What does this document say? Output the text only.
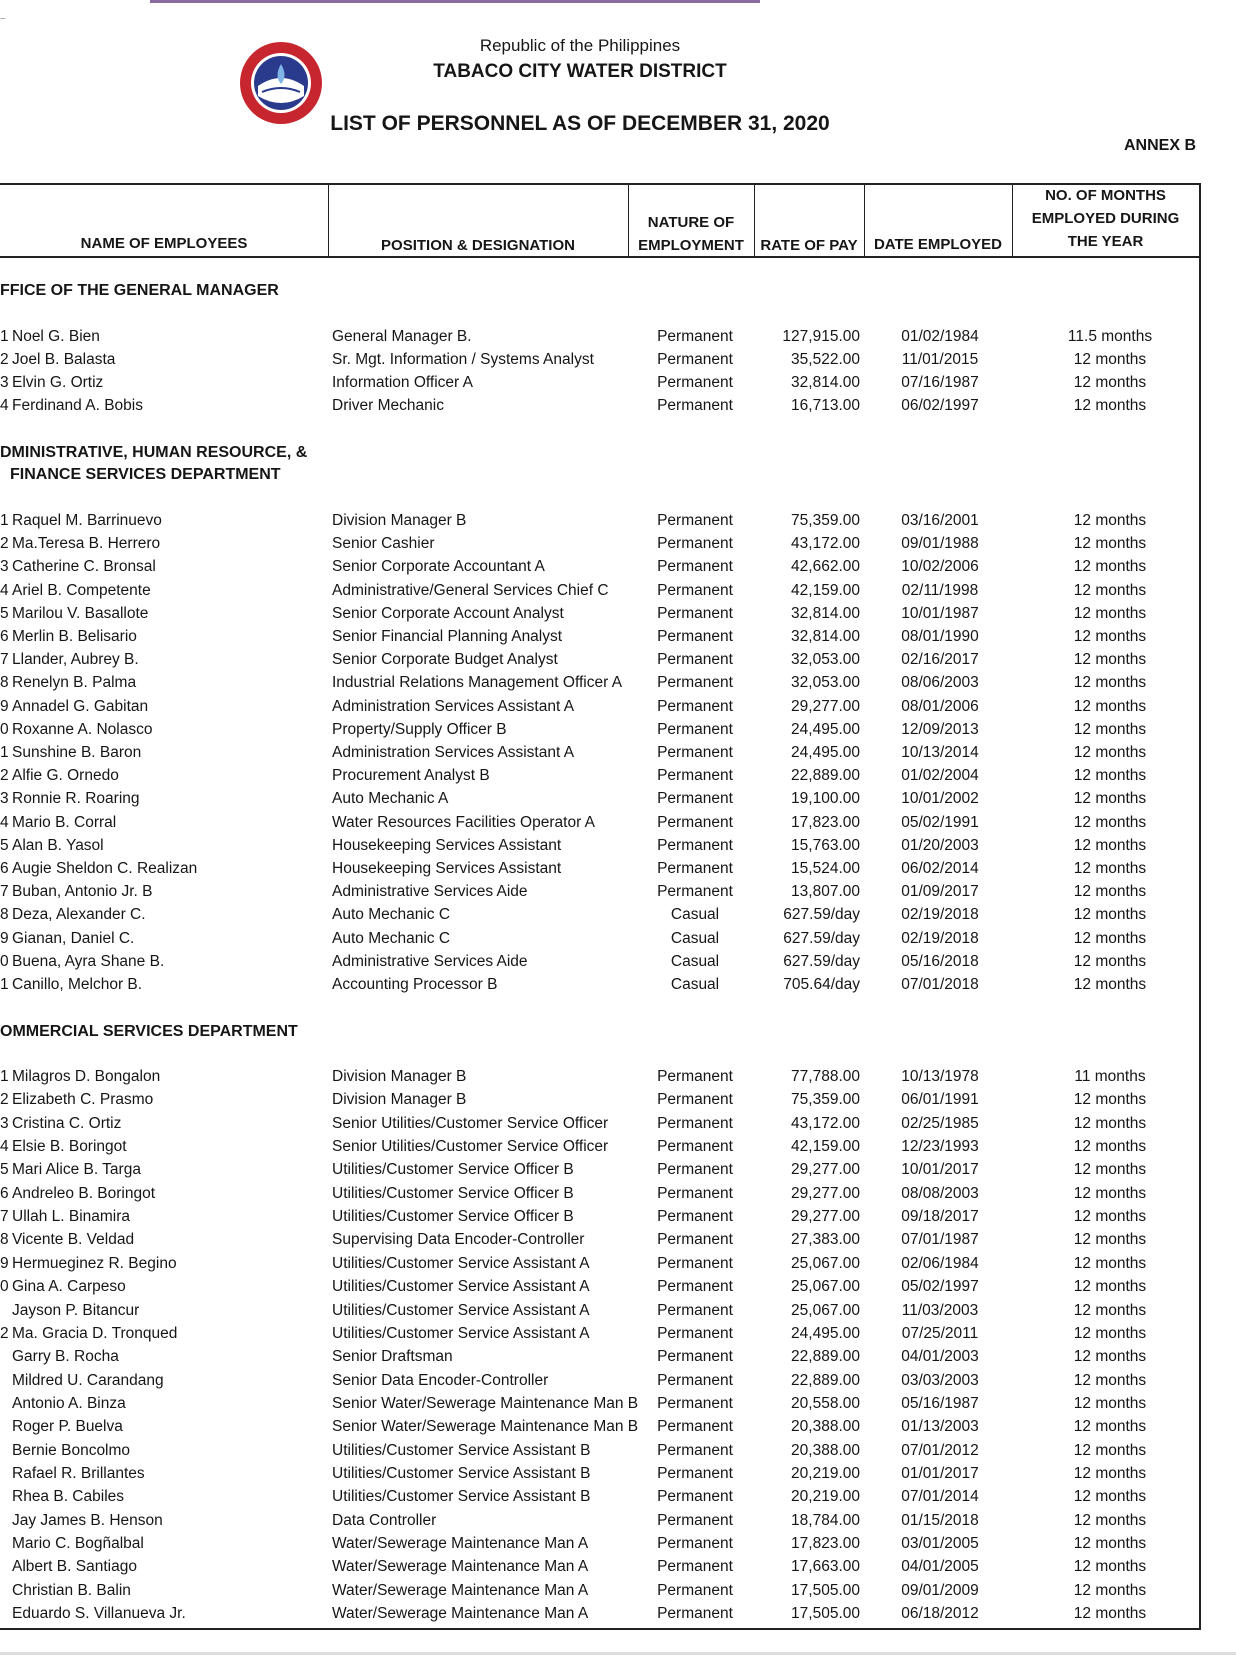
~
Republic of the Philippines
TABACO CITY WATER DISTRICT
LIST OF PERSONNEL AS OF DECEMBER 31, 2020
ANNEX B
NAME OF EMPLOYEES	POSITION & DESIGNATION
NATURE OF
EMPLOYMENT	RATE OF PAY	DATE EMPLOYED
NO. OF MONTHS
EMPLOYED DURING
THE YEAR
FFICE OF THE GENERAL MANAGER
DMINISTRATIVE, HUMAN RESOURCE, &
FINANCE SERVICES DEPARTMENT
OMMERCIAL SERVICES DEPARTMENT
1 Noel G. Bien	General Manager B.	Permanent	127,915.00	01/02/1984	11.5 months
2 Joel B. Balasta	Sr. Mgt. Information / Systems Analyst	Permanent	35,522.00	11/01/2015	12 months
3 Elvin G. Ortiz	Information Officer A	Permanent	32,814.00	07/16/1987	12 months
4 Ferdinand A. Bobis	Driver Mechanic	Permanent	16,713.00	06/02/1997	12 months
1 Raquel M. Barrinuevo	Division Manager B	Permanent	75,359.00	03/16/2001	12 months
2 Ma.Teresa B. Herrero	Senior Cashier	Permanent	43,172.00	09/01/1988	12 months
3 Catherine C. Bronsal	Senior Corporate Accountant A	Permanent	42,662.00	10/02/2006	12 months
4 Ariel B. Competente	Administrative/General Services Chief C	Permanent	42,159.00	02/11/1998	12 months
5 Marilou V. Basallote	Senior Corporate Account Analyst	Permanent	32,814.00	10/01/1987	12 months
6 Merlin B. Belisario	Senior Financial Planning Analyst	Permanent	32,814.00	08/01/1990	12 months
7 Llander, Aubrey B.	Senior Corporate Budget Analyst	Permanent	32,053.00	02/16/2017	12 months
8 Renelyn B. Palma	Industrial Relations Management Officer A	Permanent	32,053.00	08/06/2003	12 months
9 Annadel G. Gabitan	Administration Services Assistant A	Permanent	29,277.00	08/01/2006	12 months
0 Roxanne A. Nolasco	Property/Supply Officer B	Permanent	24,495.00	12/09/2013	12 months
1 Sunshine B. Baron	Administration Services Assistant A	Permanent	24,495.00	10/13/2014	12 months
2 Alfie G. Ornedo	Procurement Analyst B	Permanent	22,889.00	01/02/2004	12 months
3 Ronnie R. Roaring	Auto Mechanic A	Permanent	19,100.00	10/01/2002	12 months
4 Mario B. Corral	Water Resources Facilities Operator A	Permanent	17,823.00	05/02/1991	12 months
5 Alan B. Yasol	Housekeeping Services Assistant	Permanent	15,763.00	01/20/2003	12 months
6 Augie Sheldon C. Realizan	Housekeeping Services Assistant	Permanent	15,524.00	06/02/2014	12 months
7 Buban, Antonio Jr. B	Administrative Services Aide	Permanent	13,807.00	01/09/2017	12 months
8 Deza, Alexander C.	Auto Mechanic C	Casual	627.59/day	02/19/2018	12 months
9 Gianan, Daniel C.	Auto Mechanic C	Casual	627.59/day	02/19/2018	12 months
0 Buena, Ayra Shane B.	Administrative Services Aide	Casual	627.59/day	05/16/2018	12 months
1 Canillo, Melchor B.	Accounting Processor B	Casual	705.64/day	07/01/2018	12 months
1 Milagros D. Bongalon	Division Manager B	Permanent	77,788.00	10/13/1978	11 months
2 Elizabeth C. Prasmo	Division Manager B	Permanent	75,359.00	06/01/1991	12 months
3 Cristina C. Ortiz	Senior Utilities/Customer Service Officer	Permanent	43,172.00	02/25/1985	12 months
4 Elsie B. Boringot	Senior Utilities/Customer Service Officer	Permanent	42,159.00	12/23/1993	12 months
5 Mari Alice B. Targa	Utilities/Customer Service Officer B	Permanent	29,277.00	10/01/2017	12 months
6 Andreleo B. Boringot	Utilities/Customer Service Officer B	Permanent	29,277.00	08/08/2003	12 months
7 Ullah L. Binamira	Utilities/Customer Service Officer B	Permanent	29,277.00	09/18/2017	12 months
8 Vicente B. Veldad	Supervising Data Encoder-Controller	Permanent	27,383.00	07/01/1987	12 months
9 Hermueginez R. Begino	Utilities/Customer Service Assistant A	Permanent	25,067.00	02/06/1984	12 months
0 Gina A. Carpeso	Utilities/Customer Service Assistant A	Permanent	25,067.00	05/02/1997	12 months
Jayson P. Bitancur	Utilities/Customer Service Assistant A	Permanent	25,067.00	11/03/2003	12 months
2 Ma. Gracia D. Tronqued	Utilities/Customer Service Assistant A	Permanent	24,495.00	07/25/2011	12 months
Garry B. Rocha	Senior Draftsman	Permanent	22,889.00	04/01/2003	12 months
Mildred U. Carandang	Senior Data Encoder-Controller	Permanent	22,889.00	03/03/2003	12 months
Antonio A. Binza	Senior Water/Sewerage Maintenance Man B	Permanent	20,558.00	05/16/1987	12 months
Roger P. Buelva	Senior Water/Sewerage Maintenance Man B	Permanent	20,388.00	01/13/2003	12 months
Bernie Boncolmo	Utilities/Customer Service Assistant B	Permanent	20,388.00	07/01/2012	12 months
Rafael R. Brillantes	Utilities/Customer Service Assistant B	Permanent	20,219.00	01/01/2017	12 months
Rhea B. Cabiles	Utilities/Customer Service Assistant B	Permanent	20,219.00	07/01/2014	12 months
Jay James B. Henson	Data Controller	Permanent	18,784.00	01/15/2018	12 months
Mario C. Bogñalbal	Water/Sewerage Maintenance Man A	Permanent	17,823.00	03/01/2005	12 months
Albert B. Santiago	Water/Sewerage Maintenance Man A	Permanent	17,663.00	04/01/2005	12 months
Christian B. Balin	Water/Sewerage Maintenance Man A	Permanent	17,505.00	09/01/2009	12 months
Eduardo S. Villanueva Jr.	Water/Sewerage Maintenance Man A	Permanent	17,505.00	06/18/2012	12 months
